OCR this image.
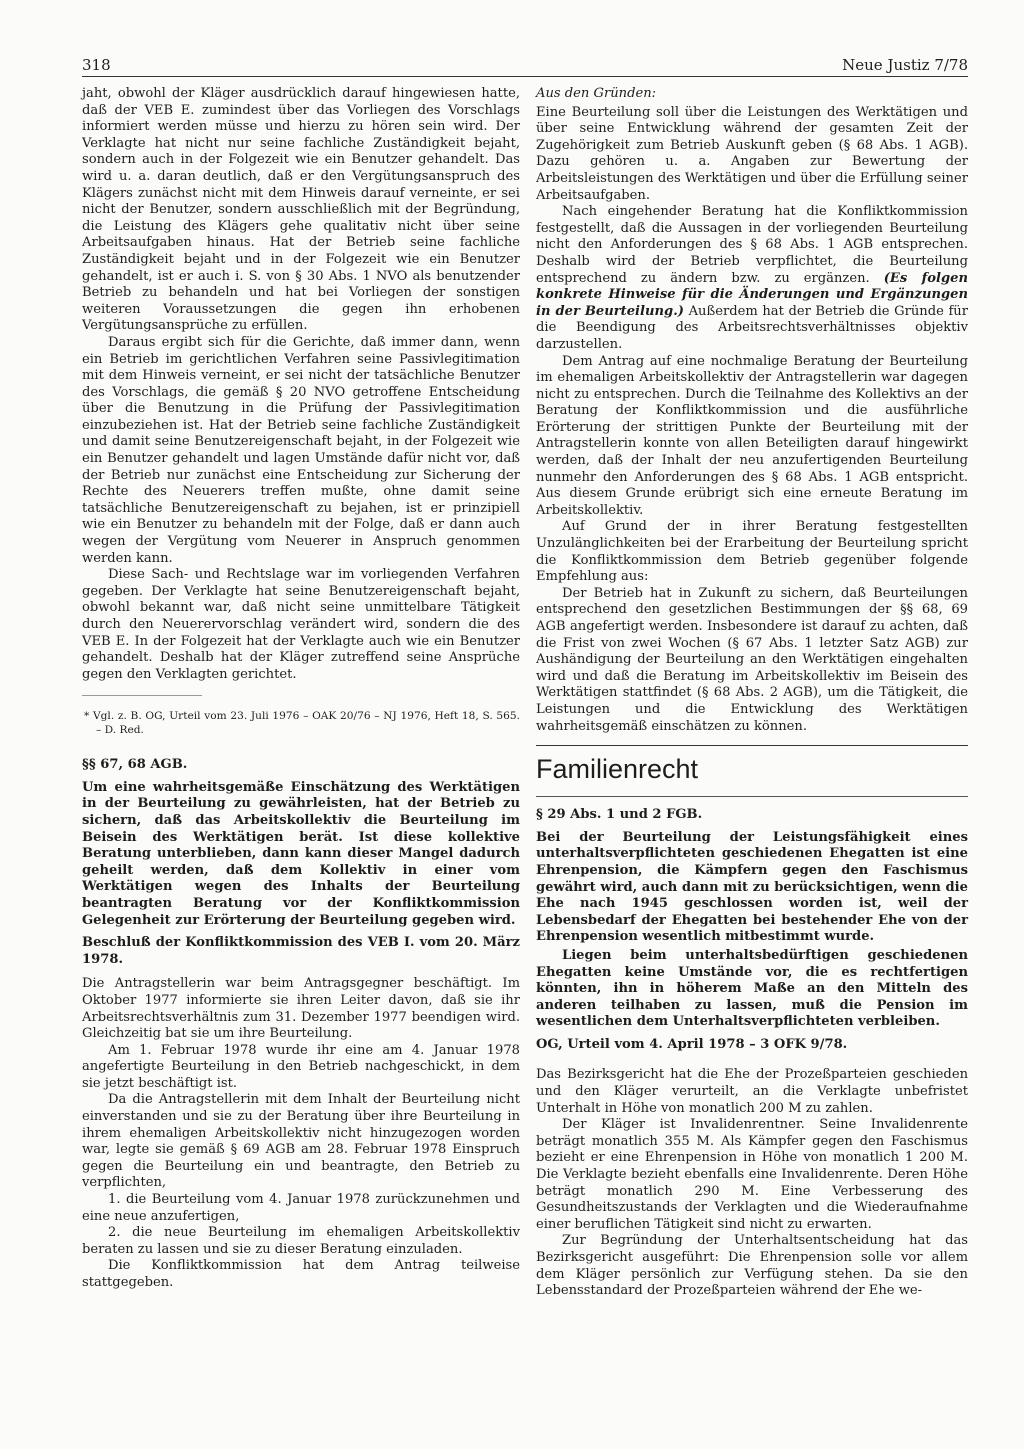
318	Neue Justiz 7/78

jaht, obwohl der Kläger ausdrücklich darauf hingewiesen hatte, daß der VEB E. zumindest über das Vorliegen des Vorschlags informiert werden müsse und hierzu zu hören sein wird. Der Verklagte hat nicht nur seine fachliche Zuständigkeit bejaht, sondern auch in der Folgezeit wie ein Benutzer gehandelt. Das wird u. a. daran deutlich, daß er den Vergütungsanspruch des Klägers zunächst nicht mit dem Hinweis darauf verneinte, er sei nicht der Benutzer, sondern ausschließlich mit der Begründung, die Leistung des Klägers gehe qualitativ nicht über seine Arbeitsaufgaben hinaus. Hat der Betrieb seine fachliche Zuständigkeit bejaht und in der Folgezeit wie ein Benutzer gehandelt, ist er auch i. S. von § 30 Abs. 1 NVO als benutzender Betrieb zu behandeln und hat bei Vorliegen der sonstigen weiteren Voraussetzungen die gegen ihn erhobenen Vergütungsansprüche zu erfüllen.

Daraus ergibt sich für die Gerichte, daß immer dann, wenn ein Betrieb im gerichtlichen Verfahren seine Passivlegitimation mit dem Hinweis verneint, er sei nicht der tatsächliche Benutzer des Vorschlags, die gemäß § 20 NVO getroffene Entscheidung über die Benutzung in die Prüfung der Passivlegitimation einzubeziehen ist. Hat der Betrieb seine fachliche Zuständigkeit und damit seine Benutzereigenschaft bejaht, in der Folgezeit wie ein Benutzer gehandelt und lagen Umstände dafür nicht vor, daß der Betrieb nur zunächst eine Entscheidung zur Sicherung der Rechte des Neuerers treffen mußte, ohne damit seine tatsächliche Benutzereigenschaft zu bejahen, ist er prinzipiell wie ein Benutzer zu behandeln mit der Folge, daß er dann auch wegen der Vergütung vom Neuerer in Anspruch genommen werden kann.

Diese Sach- und Rechtslage war im vorliegenden Verfahren gegeben. Der Verklagte hat seine Benutzereigenschaft bejaht, obwohl bekannt war, daß nicht seine unmittelbare Tätigkeit durch den Neuerervorschlag verändert wird, sondern die des VEB E. In der Folgezeit hat der Verklagte auch wie ein Benutzer gehandelt. Deshalb hat der Kläger zutreffend seine Ansprüche gegen den Verklagten gerichtet.

* Vgl. z. B. OG, Urteil vom 23. Juli 1976 – OAK 20/76 – NJ 1976, Heft 18, S. 565. – D. Red.

§§ 67, 68 AGB.

Um eine wahrheitsgemäße Einschätzung des Werktätigen in der Beurteilung zu gewährleisten, hat der Betrieb zu sichern, daß das Arbeitskollektiv die Beurteilung im Beisein des Werktätigen berät. Ist diese kollektive Beratung unterblieben, dann kann dieser Mangel dadurch geheilt werden, daß dem Kollektiv in einer vom Werktätigen wegen des Inhalts der Beurteilung beantragten Beratung vor der Konfliktkommission Gelegenheit zur Erörterung der Beurteilung gegeben wird.

Beschluß der Konfliktkommission des VEB I. vom 20. März 1978.

Die Antragstellerin war beim Antragsgegner beschäftigt. Im Oktober 1977 informierte sie ihren Leiter davon, daß sie ihr Arbeitsrechtsverhältnis zum 31. Dezember 1977 beendigen wird. Gleichzeitig bat sie um ihre Beurteilung.

Am 1. Februar 1978 wurde ihr eine am 4. Januar 1978 angefertigte Beurteilung in den Betrieb nachgeschickt, in dem sie jetzt beschäftigt ist.

Da die Antragstellerin mit dem Inhalt der Beurteilung nicht einverstanden und sie zu der Beratung über ihre Beurteilung in ihrem ehemaligen Arbeitskollektiv nicht hinzugezogen worden war, legte sie gemäß § 69 AGB am 28. Februar 1978 Einspruch gegen die Beurteilung ein und beantragte, den Betrieb zu verpflichten,

1. die Beurteilung vom 4. Januar 1978 zurückzunehmen und eine neue anzufertigen,

2. die neue Beurteilung im ehemaligen Arbeitskollektiv beraten zu lassen und sie zu dieser Beratung einzuladen.

Die Konfliktkommission hat dem Antrag teilweise stattgegeben.

Aus den Gründen:

Eine Beurteilung soll über die Leistungen des Werktätigen und über seine Entwicklung während der gesamten Zeit der Zugehörigkeit zum Betrieb Auskunft geben (§ 68 Abs. 1 AGB). Dazu gehören u. a. Angaben zur Bewertung der Arbeitsleistungen des Werktätigen und über die Erfüllung seiner Arbeitsaufgaben.

Nach eingehender Beratung hat die Konfliktkommission festgestellt, daß die Aussagen in der vorliegenden Beurteilung nicht den Anforderungen des § 68 Abs. 1 AGB entsprechen. Deshalb wird der Betrieb verpflichtet, die Beurteilung entsprechend zu ändern bzw. zu ergänzen. (Es folgen konkrete Hinweise für die Änderungen und Ergänzungen in der Beurteilung.) Außerdem hat der Betrieb die Gründe für die Beendigung des Arbeitsrechtsverhältnisses objektiv darzustellen.

Dem Antrag auf eine nochmalige Beratung der Beurteilung im ehemaligen Arbeitskollektiv der Antragstellerin war dagegen nicht zu entsprechen. Durch die Teilnahme des Kollektivs an der Beratung der Konfliktkommission und die ausführliche Erörterung der strittigen Punkte der Beurteilung mit der Antragstellerin konnte von allen Beteiligten darauf hingewirkt werden, daß der Inhalt der neu anzufertigenden Beurteilung nunmehr den Anforderungen des § 68 Abs. 1 AGB entspricht. Aus diesem Grunde erübrigt sich eine erneute Beratung im Arbeitskollektiv.

Auf Grund der in ihrer Beratung festgestellten Unzulänglichkeiten bei der Erarbeitung der Beurteilung spricht die Konfliktkommission dem Betrieb gegenüber folgende Empfehlung aus:

Der Betrieb hat in Zukunft zu sichern, daß Beurteilungen entsprechend den gesetzlichen Bestimmungen der §§ 68, 69 AGB angefertigt werden. Insbesondere ist darauf zu achten, daß die Frist von zwei Wochen (§ 67 Abs. 1 letzter Satz AGB) zur Aushändigung der Beurteilung an den Werktätigen eingehalten wird und daß die Beratung im Arbeitskollektiv im Beisein des Werktätigen stattfindet (§ 68 Abs. 2 AGB), um die Tätigkeit, die Leistungen und die Entwicklung des Werktätigen wahrheitsgemäß einschätzen zu können.

Familienrecht

§ 29 Abs. 1 und 2 FGB.

Bei der Beurteilung der Leistungsfähigkeit eines unterhaltsverpflichteten geschiedenen Ehegatten ist eine Ehrenpension, die Kämpfern gegen den Faschismus gewährt wird, auch dann mit zu berücksichtigen, wenn die Ehe nach 1945 geschlossen worden ist, weil der Lebensbedarf der Ehegatten bei bestehender Ehe von der Ehrenpension wesentlich mitbestimmt wurde.

Liegen beim unterhaltsbedürftigen geschiedenen Ehegatten keine Umstände vor, die es rechtfertigen könnten, ihn in höherem Maße an den Mitteln des anderen teilhaben zu lassen, muß die Pension im wesentlichen dem Unterhaltsverpflichteten verbleiben.

OG, Urteil vom 4. April 1978 – 3 OFK 9/78.

Das Bezirksgericht hat die Ehe der Prozeßparteien geschieden und den Kläger verurteilt, an die Verklagte unbefristet Unterhalt in Höhe von monatlich 200 M zu zahlen.

Der Kläger ist Invalidenrentner. Seine Invalidenrente beträgt monatlich 355 M. Als Kämpfer gegen den Faschismus bezieht er eine Ehrenpension in Höhe von monatlich 1 200 M. Die Verklagte bezieht ebenfalls eine Invalidenrente. Deren Höhe beträgt monatlich 290 M. Eine Verbesserung des Gesundheitszustands der Verklagten und die Wiederaufnahme einer beruflichen Tätigkeit sind nicht zu erwarten.

Zur Begründung der Unterhaltsentscheidung hat das Bezirksgericht ausgeführt: Die Ehrenpension solle vor allem dem Kläger persönlich zur Verfügung stehen. Da sie den Lebensstandard der Prozeßparteien während der Ehe we-
